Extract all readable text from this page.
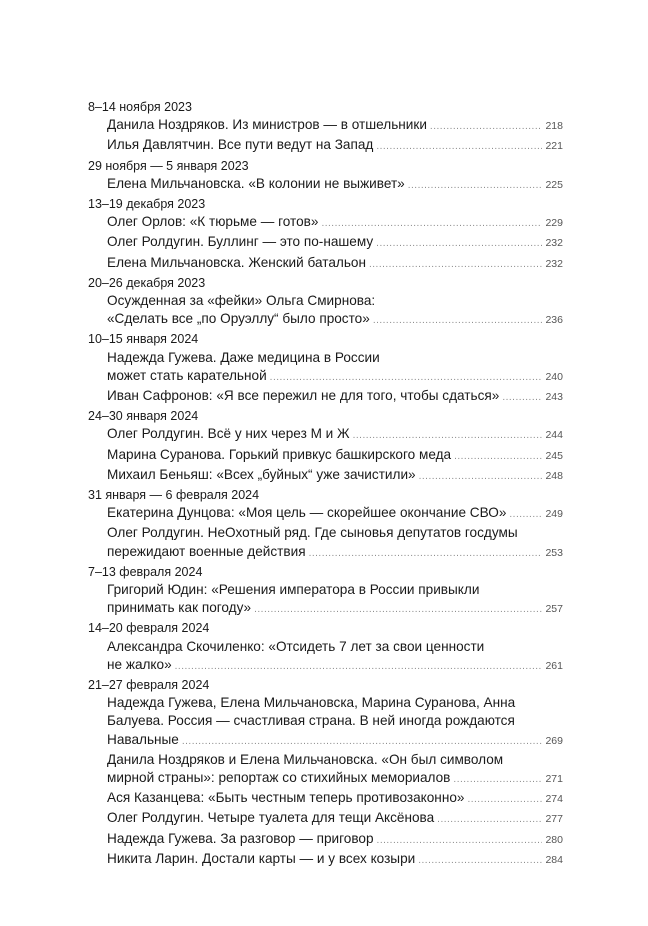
8–14 ноября 2023
Данила Ноздряков. Из министров — в отшельники .....	218
Илья Давлятчин. Все пути ведут на Запад .....	221
29 ноября — 5 января 2023
Елена Мильчановска. «В колонии не выживет» .....	225
13–19 декабря 2023
Олег Орлов: «К тюрьме — готов» .....	229
Олег Ролдугин. Буллинг — это по-нашему .....	232
Елена Мильчановска. Женский батальон .....	232
20–26 декабря 2023
Осужденная за «фейки» Ольга Смирнова:
«Сделать все „по Оруэллу“ было просто» .....	236
10–15 января 2024
Надежда Гужева. Даже медицина в России
может стать карательной .....	240
Иван Сафронов: «Я все пережил не для того, чтобы сдаться» .....	243
24–30 января 2024
Олег Ролдугин. Всё у них через М и Ж .....	244
Марина Суранова. Горький привкус башкирского меда .....	245
Михаил Беньяш: «Всех „буйных“ уже зачистили» .....	248
31 января — 6 февраля 2024
Екатерина Дунцова: «Моя цель — скорейшее окончание СВО» .....	249
Олег Ролдугин. НеОхотный ряд. Где сыновья депутатов госдумы
пережидают военные действия .....	253
7–13 февраля 2024
Григорий Юдин: «Решения императора в России привыкли
принимать как погоду» .....	257
14–20 февраля 2024
Александра Скочиленко: «Отсидеть 7 лет за свои ценности
не жалко» .....	261
21–27 февраля 2024
Надежда Гужева, Елена Мильчановска, Марина Суранова, Анна
Балуева. Россия — счастливая страна. В ней иногда рождаются
Навальные .....	269
Данила Ноздряков и Елена Мильчановска. «Он был символом
мирной страны»: репортаж со стихийных мемориалов .....	271
Ася Казанцева: «Быть честным теперь противозаконно» .....	274
Олег Ролдугин. Четыре туалета для тещи Аксёнова .....	277
Надежда Гужева. За разговор — приговор .....	280
Никита Ларин. Достали карты — и у всех козыри .....	284
